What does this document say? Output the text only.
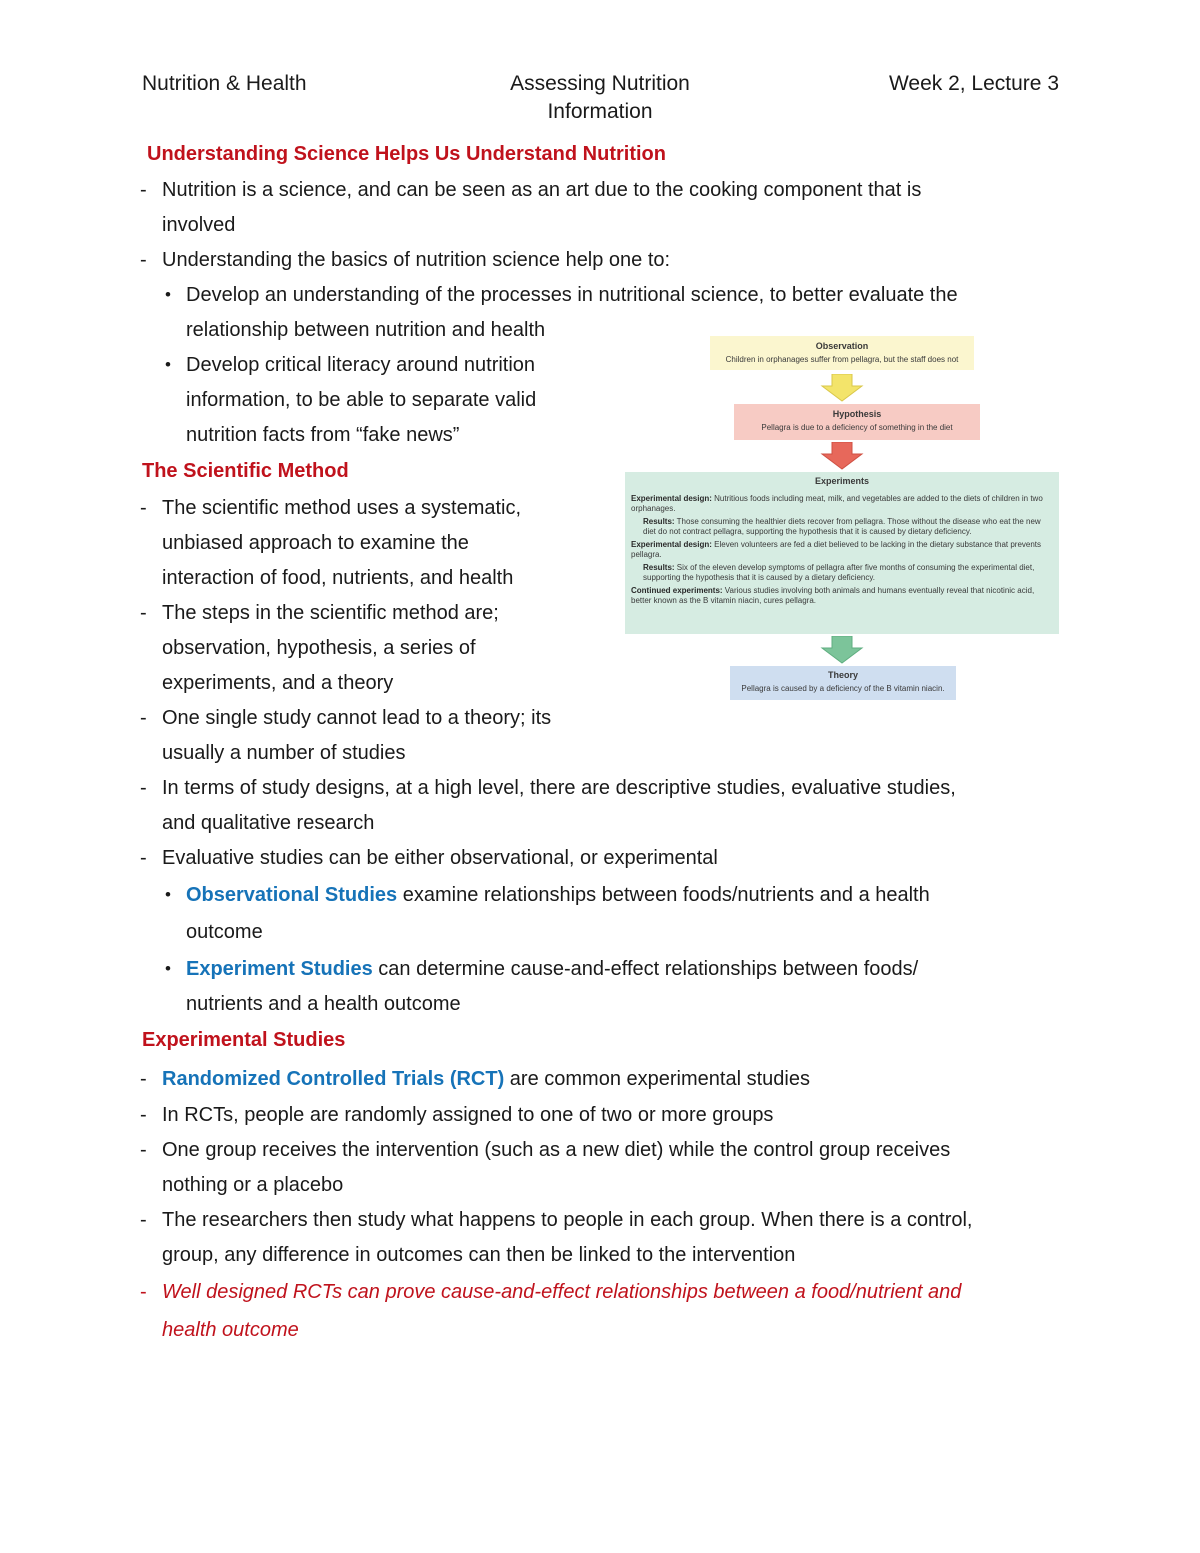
Nutrition & Health	Assessing Nutrition
Information
Week 2, Lecture 3
Understanding Science Helps Us Understand Nutrition
- Nutrition is a science, and can be seen as an art due to the cooking component that is
involved
- Understanding the basics of nutrition science help one to:
• Develop an understanding of the processes in nutritional science, to better evaluate the
relationship between nutrition and health
• Develop critical literacy around nutrition
information, to be able to separate valid
nutrition facts from “fake news”
The Scientific Method
- The scientific method uses a systematic,
unbiased approach to examine the
interaction of food, nutrients, and health
- The steps in the scientific method are;
observation, hypothesis, a series of
experiments, and a theory
- One single study cannot lead to a theory; its
usually a number of studies
- In terms of study designs, at a high level, there are descriptive studies, evaluative studies,
and qualitative research
- Evaluative studies can be either observational, or experimental
• Observational Studies examine relationships between foods/nutrients and a health
outcome
• Experiment Studies can determine cause-and-effect relationships between foods/
nutrients and a health outcome
Experimental Studies
- Randomized Controlled Trials (RCT) are common experimental studies
- In RCTs, people are randomly assigned to one of two or more groups
- One group receives the intervention (such as a new diet) while the control group receives
nothing or a placebo
- The researchers then study what happens to people in each group. When there is a control,
group, any difference in outcomes can then be linked to the intervention
- Well designed RCTs can prove cause-and-effect relationships between a food/nutrient and
health outcome
Observation
Children in orphanages suffer from pellagra, but the staff does not
Hypothesis
Pellagra is due to a deficiency of something in the diet
Experiments

Experimental design: Nutritious foods including meat, milk, and vegetables are added to the diets of children in two orphanages.

Results: Those consuming the healthier diets recover from pellagra. Those without the disease who eat the new diet do not contract pellagra, supporting the hypothesis that it is caused by dietary deficiency.

Experimental design: Eleven volunteers are fed a diet believed to be lacking in the dietary substance that prevents pellagra.

Results: Six of the eleven develop symptoms of pellagra after five months of consuming the experimental diet, supporting the hypothesis that it is caused by a dietary deficiency.

Continued experiments: Various studies involving both animals and humans eventually reveal that nicotinic acid, better known as the B vitamin niacin, cures pellagra.

Theory
Pellagra is caused by a deficiency of the B vitamin niacin.
